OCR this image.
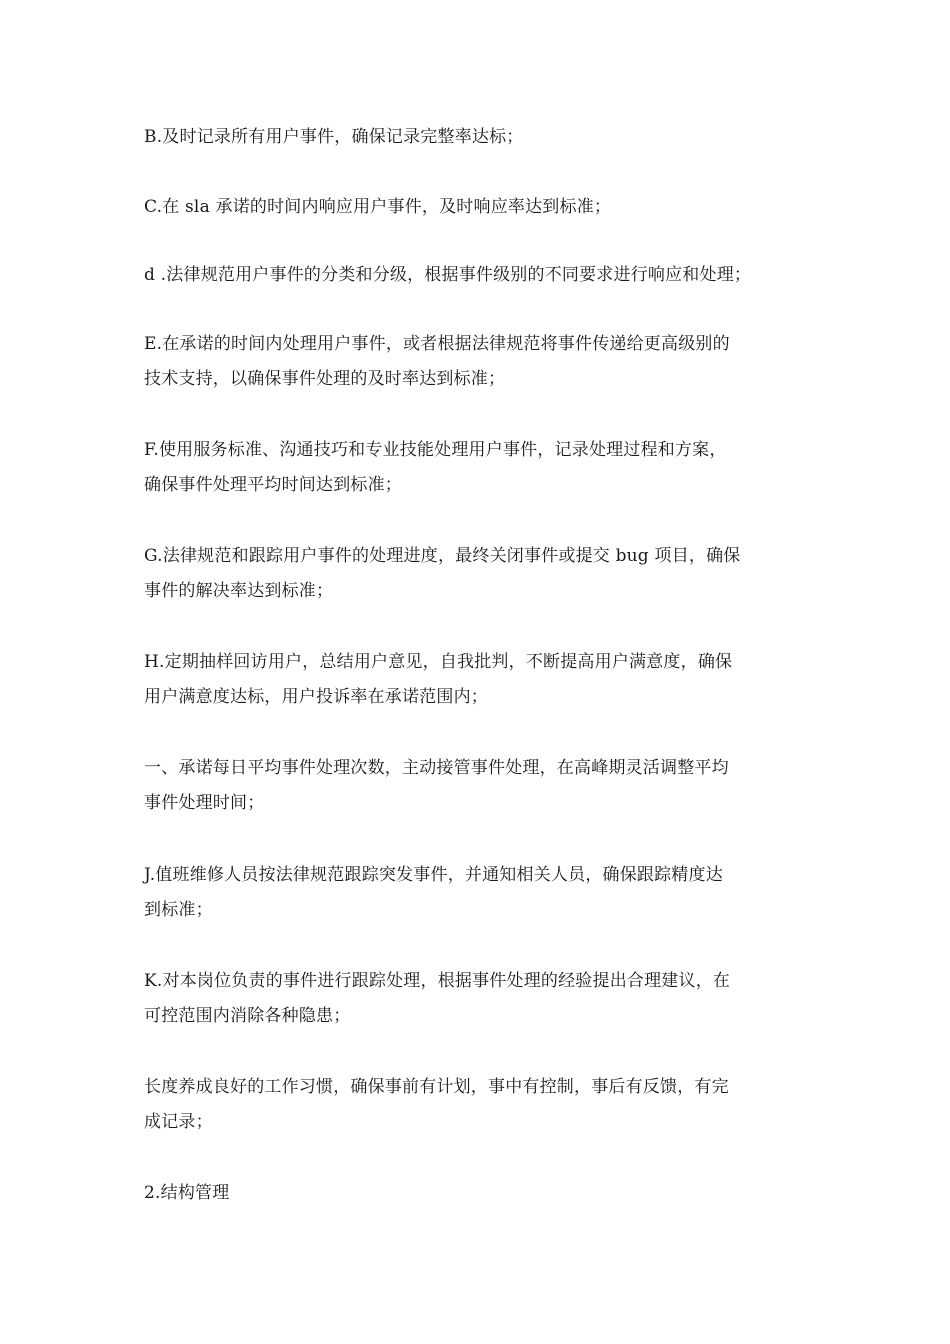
B.及时记录所有用户事件，确保记录完整率达标；
C.在 sla 承诺的时间内响应用户事件，及时响应率达到标准；
d .法律规范用户事件的分类和分级，根据事件级别的不同要求进行响应和处理；
E.在承诺的时间内处理用户事件，或者根据法律规范将事件传递给更高级别的
技术支持，以确保事件处理的及时率达到标准；
F.使用服务标准、沟通技巧和专业技能处理用户事件，记录处理过程和方案，
确保事件处理平均时间达到标准；
G.法律规范和跟踪用户事件的处理进度，最终关闭事件或提交 bug 项目，确保
事件的解决率达到标准；
H.定期抽样回访用户，总结用户意见，自我批判，不断提高用户满意度，确保
用户满意度达标，用户投诉率在承诺范围内；
一、承诺每日平均事件处理次数，主动接管事件处理，在高峰期灵活调整平均
事件处理时间；
J.值班维修人员按法律规范跟踪突发事件，并通知相关人员，确保跟踪精度达
到标准；
K.对本岗位负责的事件进行跟踪处理，根据事件处理的经验提出合理建议，在
可控范围内消除各种隐患；
长度养成良好的工作习惯，确保事前有计划，事中有控制，事后有反馈，有完
成记录；
2.结构管理
